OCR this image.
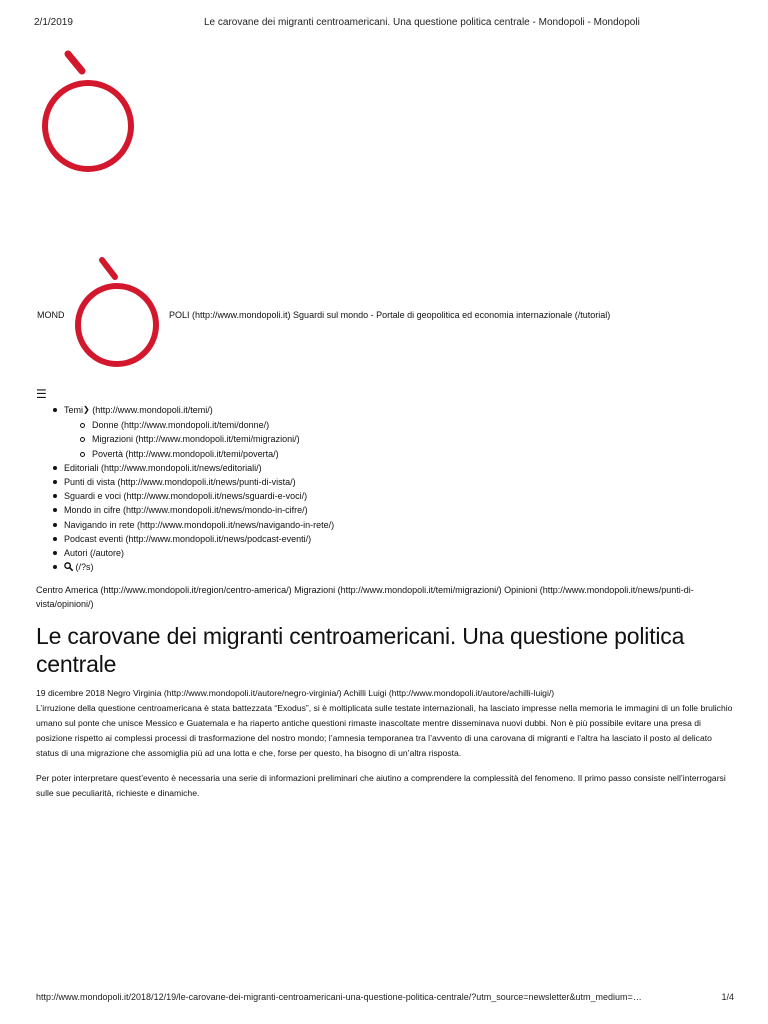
2/1/2019	Le carovane dei migranti centroamericani. Una questione politica centrale - Mondopoli - Mondopoli
MOND	POLI (http://www.mondopoli.it) Sguardi sul mondo - Portale di geopolitica ed economia internazionale (/tutorial)
☰
Temi❯ (http://www.mondopoli.it/temi/)
Donne (http://www.mondopoli.it/temi/donne/)
Migrazioni (http://www.mondopoli.it/temi/migrazioni/)
Povertà (http://www.mondopoli.it/temi/poverta/)
Editoriali (http://www.mondopoli.it/news/editoriali/)
Punti di vista (http://www.mondopoli.it/news/punti-di-vista/)
Sguardi e voci (http://www.mondopoli.it/news/sguardi-e-voci/)
Mondo in cifre (http://www.mondopoli.it/news/mondo-in-cifre/)
Navigando in rete (http://www.mondopoli.it/news/navigando-in-rete/)
Podcast eventi (http://www.mondopoli.it/news/podcast-eventi/)
Autori (/autore)
(/?s)
Centro America (http://www.mondopoli.it/region/centro-america/) Migrazioni (http://www.mondopoli.it/temi/migrazioni/) Opinioni (http://www.mondopoli.it/news/punti-di-vista/opinioni/)
Le carovane dei migranti centroamericani. Una questione politica centrale
19 dicembre 2018 Negro Virginia (http://www.mondopoli.it/autore/negro-virginia/) Achilli Luigi (http://www.mondopoli.it/autore/achilli-luigi/)

L’irruzione della questione centroamericana è stata battezzata “Exodus”, si è moltiplicata sulle testate internazionali, ha lasciato impresse nella memoria le immagini di un folle brulichio umano sul ponte che unisce Messico e Guatemala e ha riaperto antiche questioni rimaste inascoltate mentre disseminava nuovi dubbi. Non è più possibile evitare una presa di posizione rispetto ai complessi processi di trasformazione del nostro mondo; l’amnesia temporanea tra l’avvento di una carovana di migranti e l’altra ha lasciato il posto al delicato status di una migrazione che assomiglia più ad una lotta e che, forse per questo, ha bisogno di un’altra risposta.

Per poter interpretare quest’evento è necessaria una serie di informazioni preliminari che aiutino a comprendere la complessità del fenomeno. Il primo passo consiste nell’interrogarsi sulle sue peculiarità, richieste e dinamiche.

http://www.mondopoli.it/2018/12/19/le-carovane-dei-migranti-centroamericani-una-questione-politica-centrale/?utm_source=newsletter&utm_medium=…	1/4
